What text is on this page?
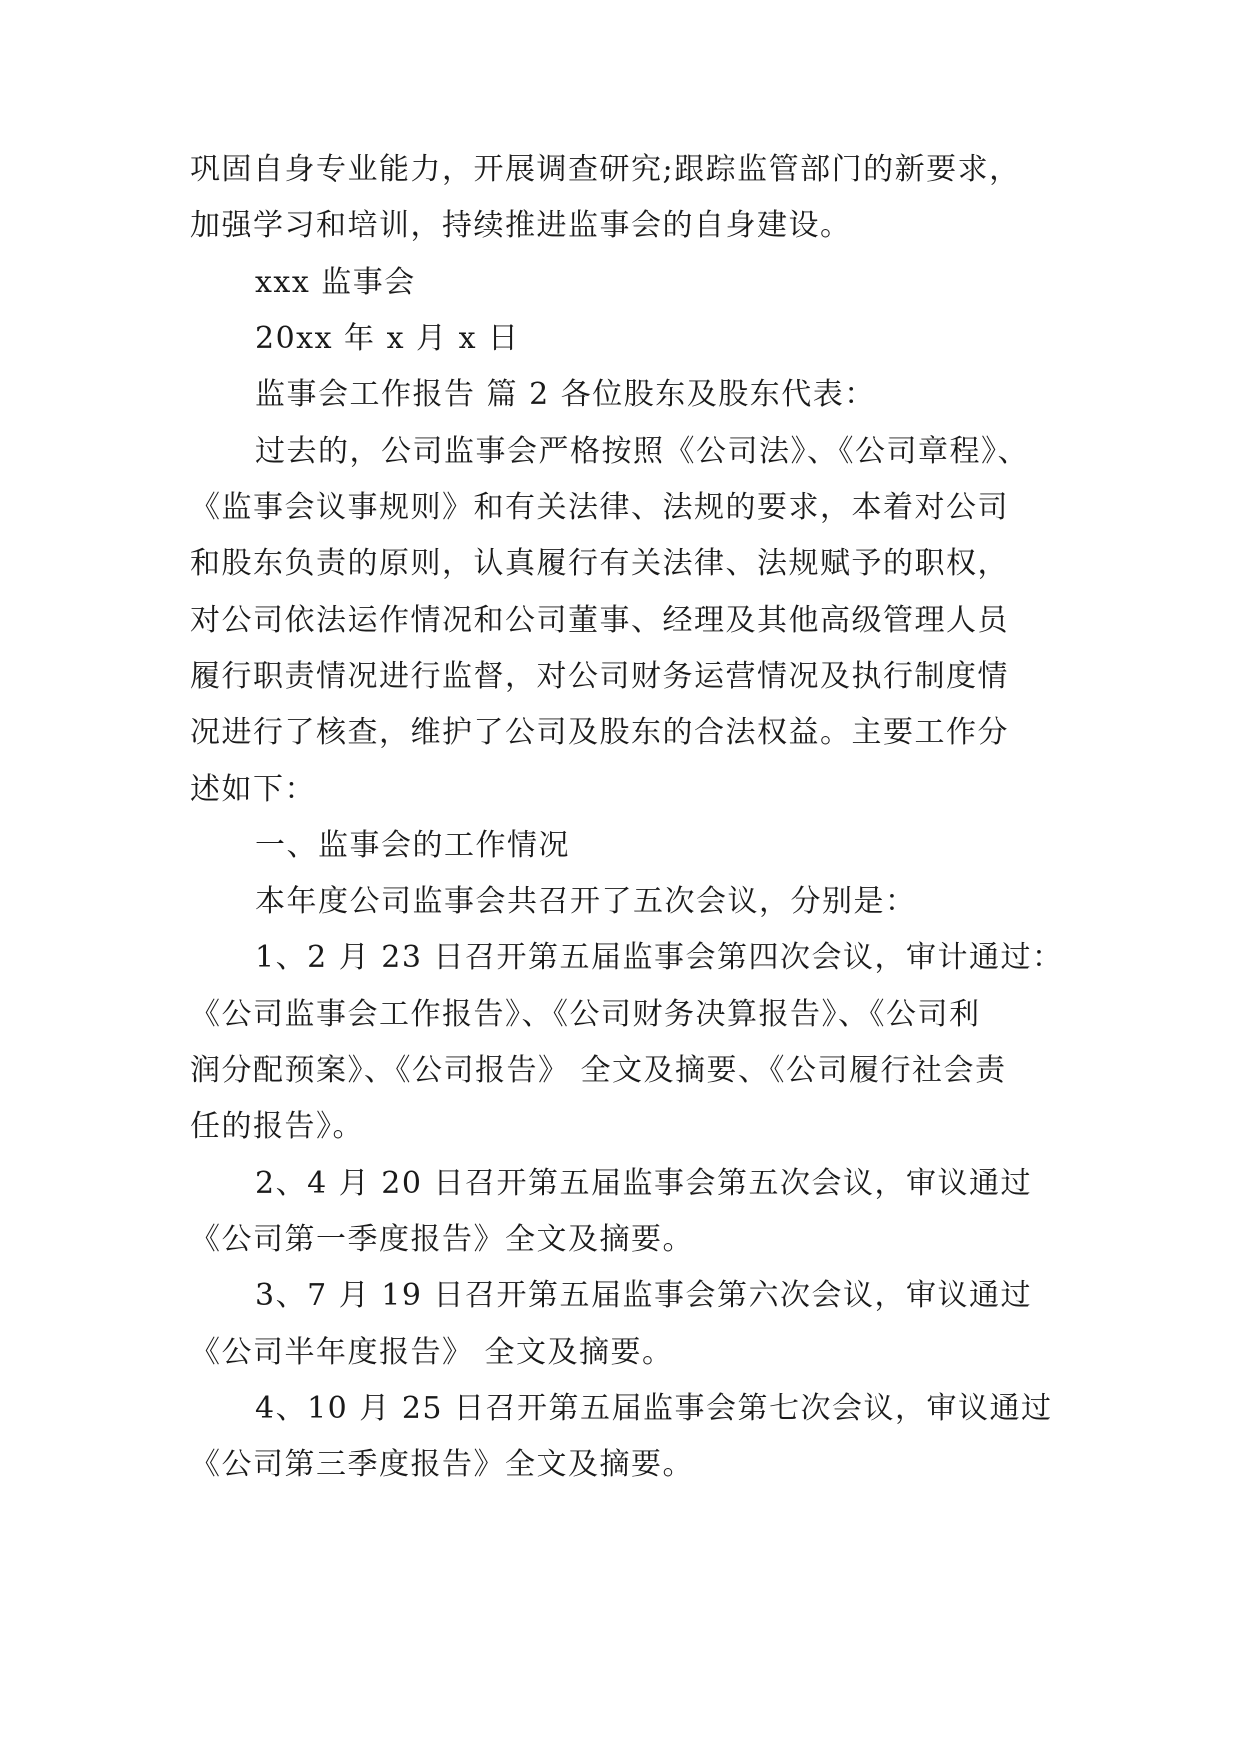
巩固自身专业能力，开展调查研究;跟踪监管部门的新要求，
加强学习和培训，持续推进监事会的自身建设。
xxx 监事会
20xx 年 x 月 x 日
监事会工作报告 篇 2 各位股东及股东代表：
过去的，公司监事会严格按照《公司法》、《公司章程》、
《监事会议事规则》和有关法律、法规的要求，本着对公司
和股东负责的原则，认真履行有关法律、法规赋予的职权，
对公司依法运作情况和公司董事、经理及其他高级管理人员
履行职责情况进行监督，对公司财务运营情况及执行制度情
况进行了核查，维护了公司及股东的合法权益。主要工作分
述如下：
一、监事会的工作情况
本年度公司监事会共召开了五次会议，分别是：
1、2 月 23 日召开第五届监事会第四次会议，审计通过：
《公司监事会工作报告》、《公司财务决算报告》、《公司利
润分配预案》、《公司报告》 全文及摘要、《公司履行社会责
任的报告》。
2、4 月 20 日召开第五届监事会第五次会议，审议通过
《公司第一季度报告》全文及摘要。
3、7 月 19 日召开第五届监事会第六次会议，审议通过
《公司半年度报告》 全文及摘要。
4、10 月 25 日召开第五届监事会第七次会议，审议通过
《公司第三季度报告》全文及摘要。
